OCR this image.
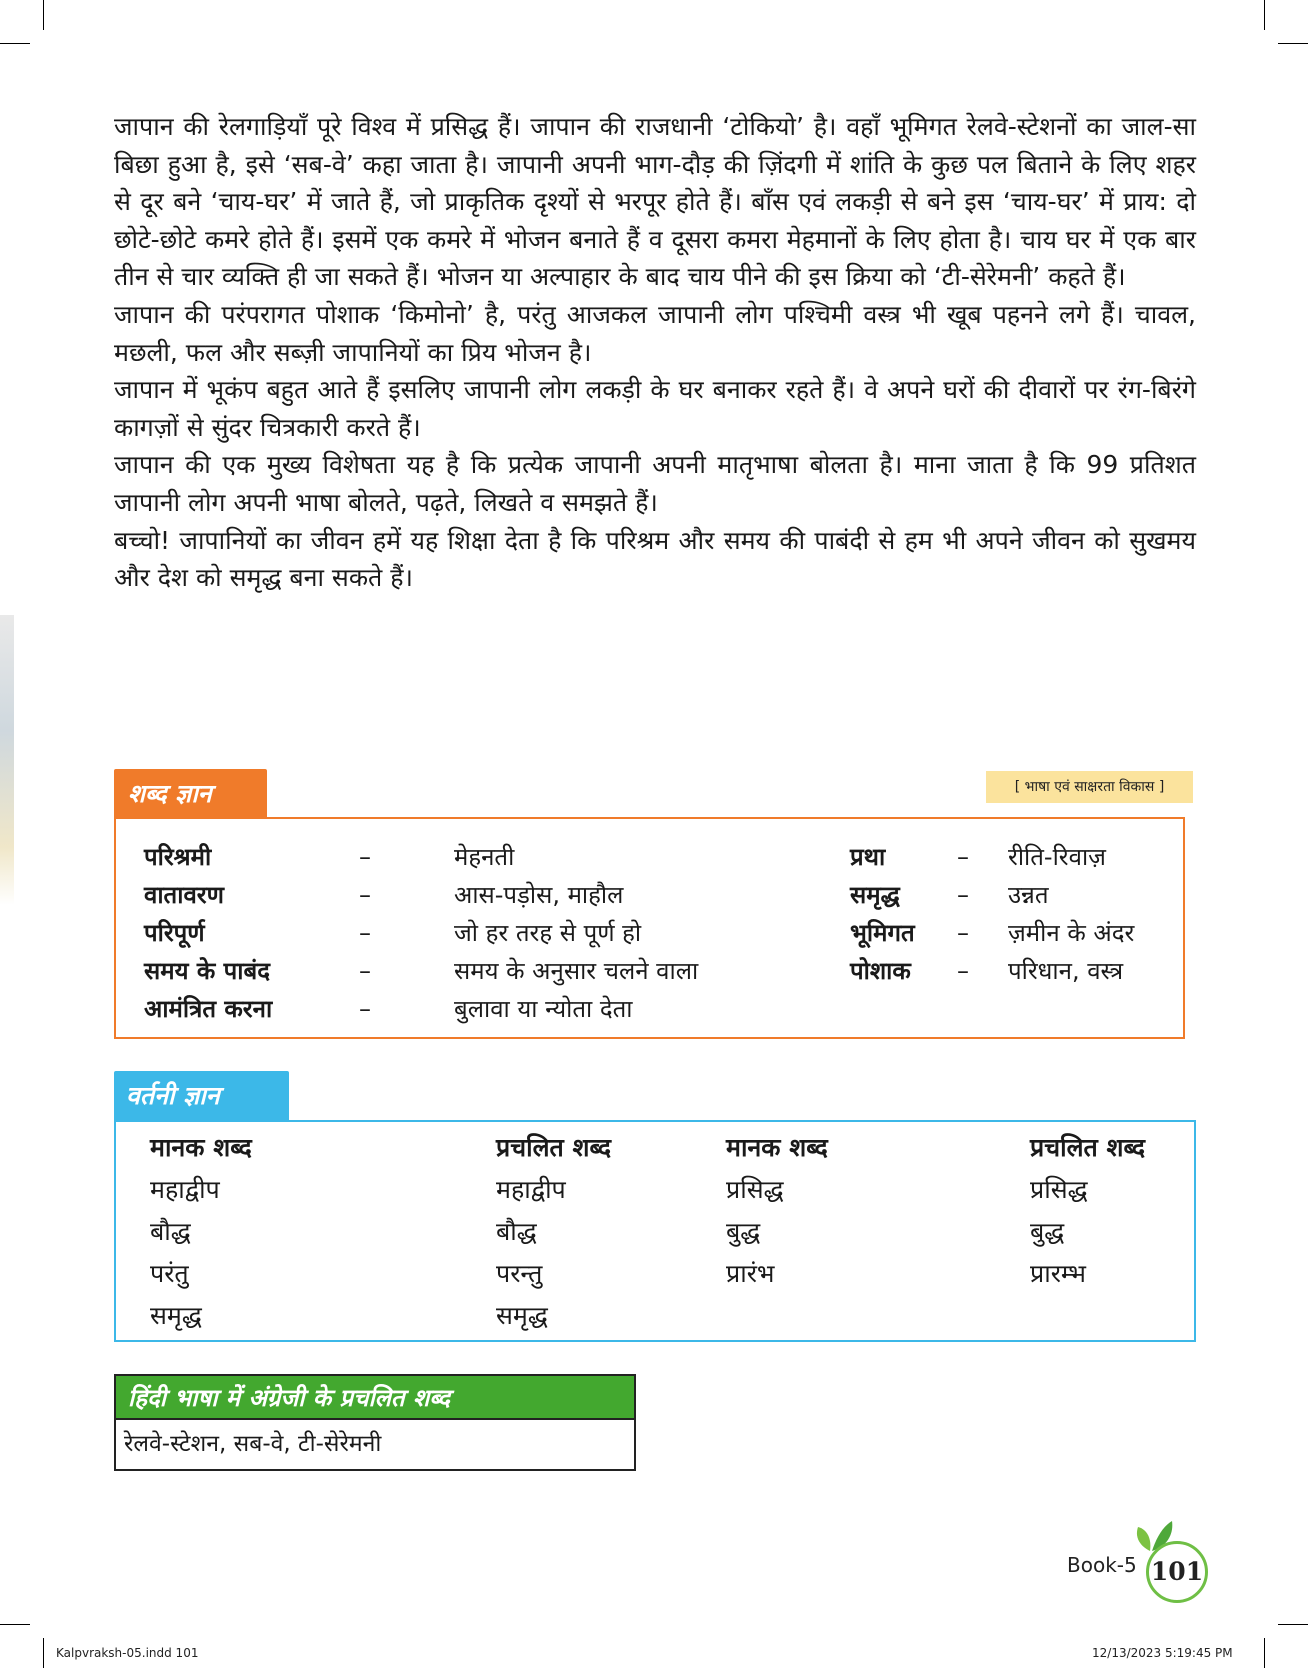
जापान की रेलगाड़ियाँ पूरे विश्व में प्रसिद्ध हैं। जापान की राजधानी ‘टोकियो’ है। वहाँ भूमिगत रेलवे-स्टेशनों का जाल-सा बिछा हुआ है, इसे ‘सब-वे’ कहा जाता है। जापानी अपनी भाग-दौड़ की ज़िंदगी में शांति के कुछ पल बिताने के लिए शहर से दूर बने ‘चाय-घर’ में जाते हैं, जो प्राकृतिक दृश्यों से भरपूर होते हैं। बाँस एवं लकड़ी से बने इस ‘चाय-घर’ में प्राय: दो छोटे-छोटे कमरे होते हैं। इसमें एक कमरे में भोजन बनाते हैं व दूसरा कमरा मेहमानों के लिए होता है। चाय घर में एक बार तीन से चार व्यक्ति ही जा सकते हैं। भोजन या अल्पाहार के बाद चाय पीने की इस क्रिया को ‘टी-सेरेमनी’ कहते हैं।

जापान की परंपरागत पोशाक ‘किमोनो’ है, परंतु आजकल जापानी लोग पश्चिमी वस्त्र भी खूब पहनने लगे हैं। चावल, मछली, फल और सब्ज़ी जापानियों का प्रिय भोजन है।

जापान में भूकंप बहुत आते हैं इसलिए जापानी लोग लकड़ी के घर बनाकर रहते हैं। वे अपने घरों की दीवारों पर रंग-बिरंगे कागज़ों से सुंदर चित्रकारी करते हैं।

जापान की एक मुख्य विशेषता यह है कि प्रत्येक जापानी अपनी मातृभाषा बोलता है। माना जाता है कि 99 प्रतिशत जापानी लोग अपनी भाषा बोलते, पढ़ते, लिखते व समझते हैं।

बच्चो! जापानियों का जीवन हमें यह शिक्षा देता है कि परिश्रम और समय की पाबंदी से हम भी अपने जीवन को सुखमय और देश को समृद्ध बना सकते हैं।

शब्द ज्ञान	[ भाषा एवं साक्षरता विकास ]
परिश्रमी	–	मेहनती
वातावरण	–	आस-पड़ोस, माहौल
परिपूर्ण	–	जो हर तरह से पूर्ण हो
समय के पाबंद	–	समय के अनुसार चलने वाला
आमंत्रित करना	–	बुलावा या न्योता देता
प्रथा	–	रीति-रिवाज़
समृद्ध	–	उन्नत
भूमिगत	–	ज़मीन के अंदर
पोशाक	–	परिधान, वस्त्र
वर्तनी ज्ञान
मानक शब्द	प्रचलित शब्द	मानक शब्द	प्रचलित शब्द
महाद्वीप	महाद्वीप	प्रसिद्ध	प्रसिद्ध
बौद्ध	बौद्ध	बुद्ध	बुद्ध
परंतु	परन्तु	प्रारंभ	प्रारम्भ
समृद्ध	समृद्ध
हिंदी भाषा में अंग्रेजी के प्रचलित शब्द
रेलवे-स्टेशन, सब-वे, टी-सेरेमनी
Book-5 101
Kalpvraksh-05.indd 101	12/13/2023 5:19:45 PM
